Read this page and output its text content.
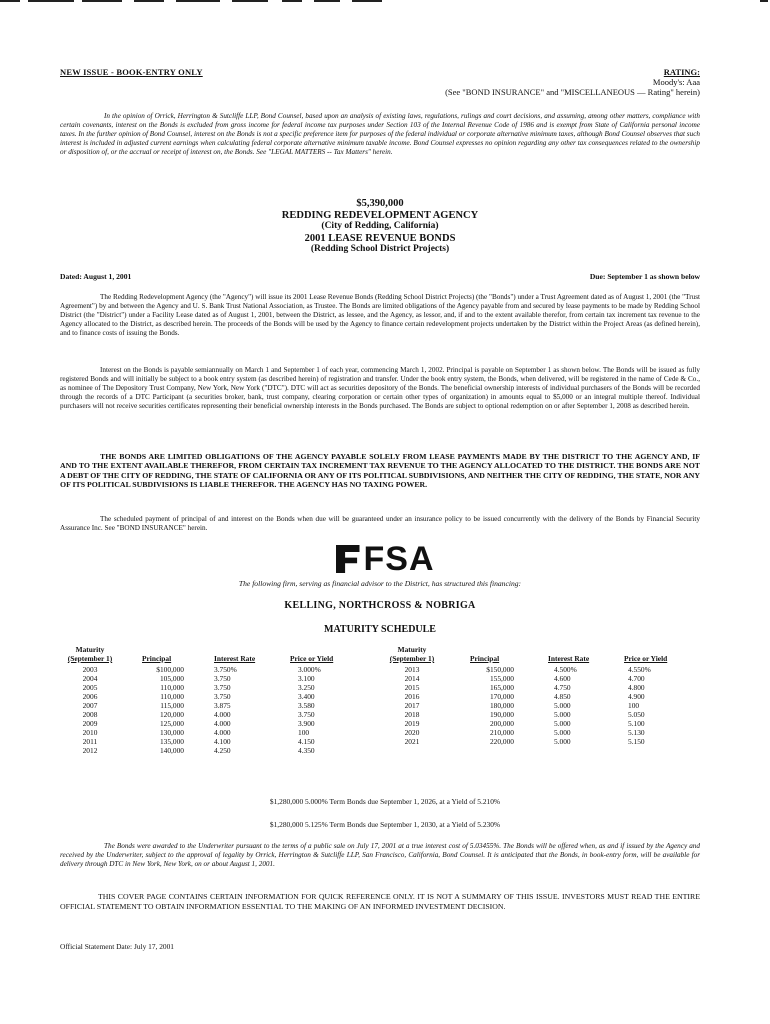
NEW ISSUE - BOOK-ENTRY ONLY	RATING:
Moody's: Aaa
(See "BOND INSURANCE" and "MISCELLANEOUS — Rating" herein)
In the opinion of Orrick, Herrington & Sutcliffe LLP, Bond Counsel, based upon an analysis of existing laws, regulations, rulings and court decisions, and assuming, among other matters, compliance with certain covenants, interest on the Bonds is excluded from gross income for federal income tax purposes under Section 103 of the Internal Revenue Code of 1986 and is exempt from State of California personal income taxes. In the further opinion of Bond Counsel, interest on the Bonds is not a specific preference item for purposes of the federal individual or corporate alternative minimum taxes, although Bond Counsel observes that such interest is included in adjusted current earnings when calculating federal corporate alternative minimum taxable income. Bond Counsel expresses no opinion regarding any other tax consequences related to the ownership or disposition of, or the accrual or receipt of interest on, the Bonds. See "LEGAL MATTERS -- Tax Matters" herein.
$5,390,000
REDDING REDEVELOPMENT AGENCY
(City of Redding, California)
2001 LEASE REVENUE BONDS
(Redding School District Projects)
Dated: August 1, 2001	Due: September 1 as shown below
The Redding Redevelopment Agency (the "Agency") will issue its 2001 Lease Revenue Bonds (Redding School District Projects) (the "Bonds") under a Trust Agreement dated as of August 1, 2001 (the "Trust Agreement") by and between the Agency and U. S. Bank Trust National Association, as Trustee. The Bonds are limited obligations of the Agency payable from and secured by lease payments to be made by Redding School District (the "District") under a Facility Lease dated as of August 1, 2001, between the District, as lessee, and the Agency, as lessor, and, if and to the extent available therefor, from certain tax increment tax revenue to the Agency allocated to the District, as described herein. The proceeds of the Bonds will be used by the Agency to finance certain redevelopment projects undertaken by the District within the Project Areas (as defined herein), and to finance costs of issuing the Bonds.
Interest on the Bonds is payable semiannually on March 1 and September 1 of each year, commencing March 1, 2002. Principal is payable on September 1 as shown below. The Bonds will be issued as fully registered Bonds and will initially be subject to a book entry system (as described herein) of registration and transfer. Under the book entry system, the Bonds, when delivered, will be registered in the name of Cede & Co., as nominee of The Depository Trust Company, New York, New York ("DTC"). DTC will act as securities depository of the Bonds. The beneficial ownership interests of individual purchasers of the Bonds will be recorded through the records of a DTC Participant (a securities broker, bank, trust company, clearing corporation or certain other types of organization) in amounts equal to $5,000 or an integral multiple thereof. Individual purchasers will not receive securities certificates representing their beneficial ownership interests in the Bonds purchased. The Bonds are subject to optional redemption on or after September 1, 2008 as described herein.
THE BONDS ARE LIMITED OBLIGATIONS OF THE AGENCY PAYABLE SOLELY FROM LEASE PAYMENTS MADE BY THE DISTRICT TO THE AGENCY AND, IF AND TO THE EXTENT AVAILABLE THEREFOR, FROM CERTAIN TAX INCREMENT TAX REVENUE TO THE AGENCY ALLOCATED TO THE DISTRICT. THE BONDS ARE NOT A DEBT OF THE CITY OF REDDING, THE STATE OF CALIFORNIA OR ANY OF ITS POLITICAL SUBDIVISIONS, AND NEITHER THE CITY OF REDDING, THE STATE, NOR ANY OF ITS POLITICAL SUBDIVISIONS IS LIABLE THEREFOR. THE AGENCY HAS NO TAXING POWER.
The scheduled payment of principal of and interest on the Bonds when due will be guaranteed under an insurance policy to be issued concurrently with the delivery of the Bonds by Financial Security Assurance Inc. See "BOND INSURANCE" herein.
FSA
The following firm, serving as financial advisor to the District, has structured this financing:
KELLING, NORTHCROSS & NOBRIGA
MATURITY SCHEDULE
Maturity
(September 1)	Principal	Interest Rate	Price or Yield
Maturity
(September 1)	Principal	Interest Rate	Price or Yield
2003	$100,000	3.750%	3.000%	2013	$150,000	4.500%	4.550%
2004	105,000	3.750	3.100	2014	155,000	4.600	4.700
2005	110,000	3.750	3.250	2015	165,000	4.750	4.800
2006	110,000	3.750	3.400	2016	170,000	4.850	4.900
2007	115,000	3.875	3.580	2017	180,000	5.000	100
2008	120,000	4.000	3.750	2018	190,000	5.000	5.050
2009	125,000	4.000	3.900	2019	200,000	5.000	5.100
2010	130,000	4.000	100	2020	210,000	5.000	5.130
2011	135,000	4.100	4.150	2021	220,000	5.000	5.150
2012	140,000	4.250	4.350
$1,280,000 5.000% Term Bonds due September 1, 2026, at a Yield of 5.210%
$1,280,000 5.125% Term Bonds due September 1, 2030, at a Yield of 5.230%
The Bonds were awarded to the Underwriter pursuant to the terms of a public sale on July 17, 2001 at a true interest cost of 5.03455%. The Bonds will be offered when, as and if issued by the Agency and received by the Underwriter, subject to the approval of legality by Orrick, Herrington & Sutcliffe LLP, San Francisco, California, Bond Counsel. It is anticipated that the Bonds, in book-entry form, will be available for delivery through DTC in New York, New York, on or about August 1, 2001.
THIS COVER PAGE CONTAINS CERTAIN INFORMATION FOR QUICK REFERENCE ONLY. IT IS NOT A SUMMARY OF THIS ISSUE. INVESTORS MUST READ THE ENTIRE OFFICIAL STATEMENT TO OBTAIN INFORMATION ESSENTIAL TO THE MAKING OF AN INFORMED INVESTMENT DECISION.
Official Statement Date: July 17, 2001
